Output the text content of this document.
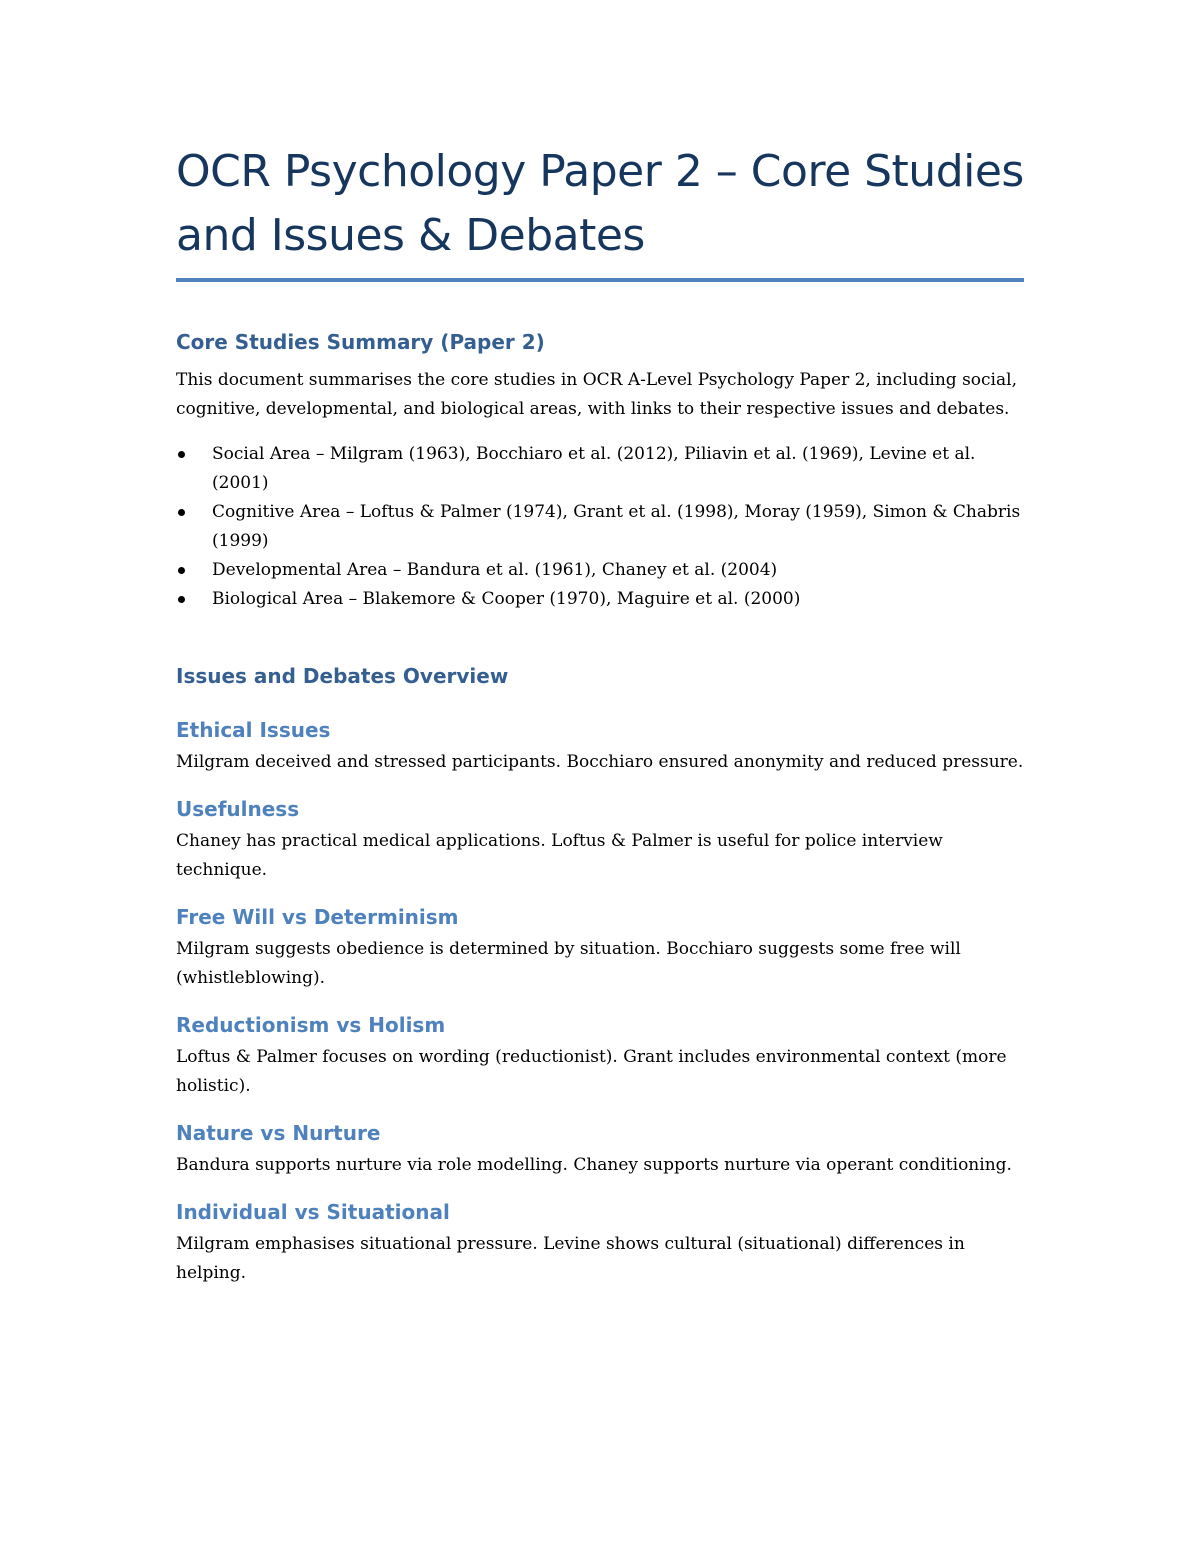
OCR Psychology Paper 2 – Core Studies
and Issues & Debates
Core Studies Summary (Paper 2)

This document summarises the core studies in OCR A-Level Psychology Paper 2, including social, cognitive, developmental, and biological areas, with links to their respective issues and debates.

Social Area – Milgram (1963), Bocchiaro et al. (2012), Piliavin et al. (1969), Levine et al. (2001)
Cognitive Area – Loftus & Palmer (1974), Grant et al. (1998), Moray (1959), Simon & Chabris (1999)
Developmental Area – Bandura et al. (1961), Chaney et al. (2004)
Biological Area – Blakemore & Cooper (1970), Maguire et al. (2000)
Issues and Debates Overview
Ethical Issues

Milgram deceived and stressed participants. Bocchiaro ensured anonymity and reduced pressure.

Usefulness

Chaney has practical medical applications. Loftus & Palmer is useful for police interview technique.

Free Will vs Determinism

Milgram suggests obedience is determined by situation. Bocchiaro suggests some free will (whistleblowing).

Reductionism vs Holism

Loftus & Palmer focuses on wording (reductionist). Grant includes environmental context (more holistic).

Nature vs Nurture

Bandura supports nurture via role modelling. Chaney supports nurture via operant conditioning.

Individual vs Situational

Milgram emphasises situational pressure. Levine shows cultural (situational) differences in helping.
